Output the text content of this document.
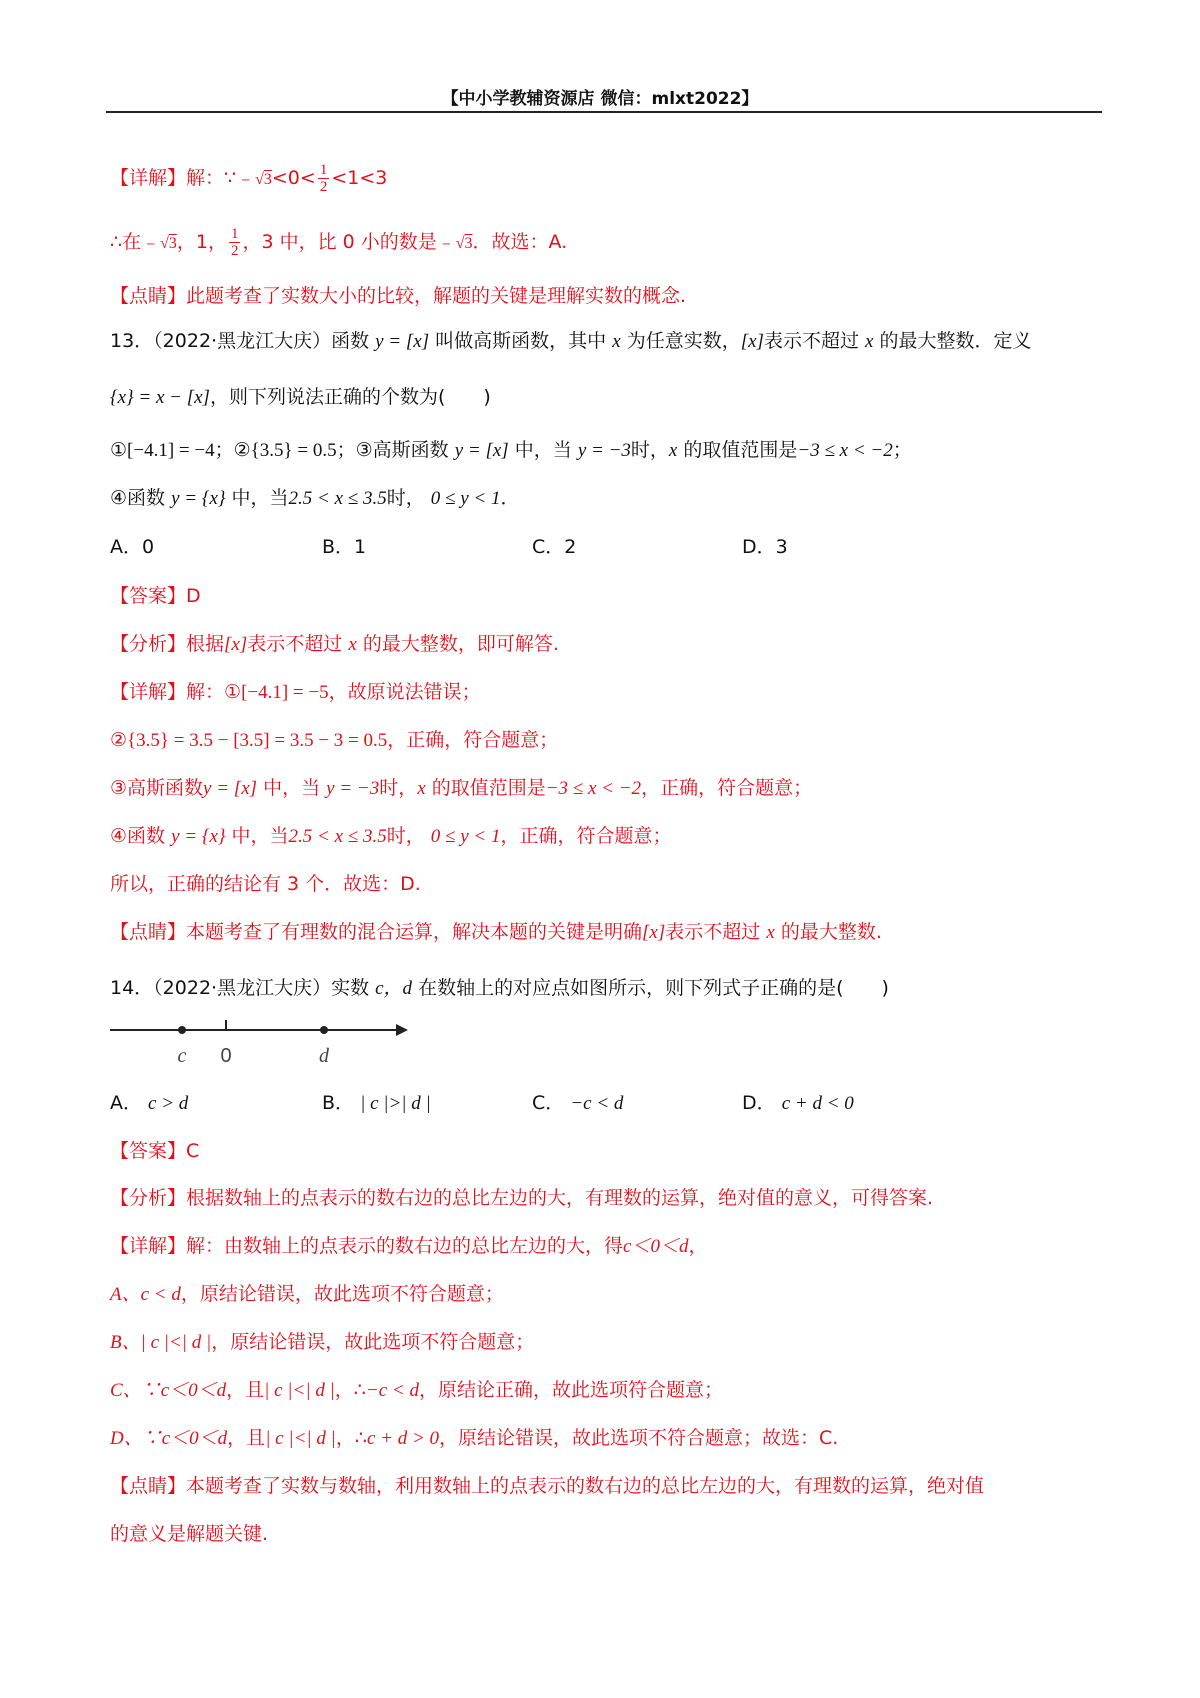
【中小学教辅资源店 微信：mlxt2022】
【详解】解：∵﹣√3<0< $\frac{1}{2} <1<3$
∴在﹣√3，1， $\frac{1}{2}$ ，3 中，比 0 小的数是﹣√3．故选：A.
【点睛】此题考查了实数大小的比较，解题的关键是理解实数的概念.
13．（2022·黑龙江大庆）函数 y = [x] 叫做高斯函数，其中 x 为任意实数，[x]表示不超过 x 的最大整数．定义
{x} = x − [x]，则下列说法正确的个数为(　　)
①[−4.1] = −4；②{3.5} = 0.5；③高斯函数 y = [x] 中，当 y = −3时，x 的取值范围是−3 ≤ x < −2；
④函数 y = {x} 中，当2.5 < x ≤ 3.5时， 0 ≤ y < 1．
A．0	B．1	C．2	D．3
【答案】D
【分析】根据[x]表示不超过 x 的最大整数，即可解答.
【详解】解：①[−4.1] = −5，故原说法错误；
②{3.5} = 3.5 − [3.5] = 3.5 − 3 = 0.5，正确，符合题意；
③高斯函数y = [x] 中，当 y = −3时，x 的取值范围是−3 ≤ x < −2，正确，符合题意；
④函数 y = {x} 中，当2.5 < x ≤ 3.5时， 0 ≤ y < 1，正确，符合题意；
所以，正确的结论有 3 个．故选：D.
【点睛】本题考查了有理数的混合运算，解决本题的关键是明确[x]表示不超过 x 的最大整数.
14．（2022·黑龙江大庆）实数 c，d 在数轴上的对应点如图所示，则下列式子正确的是(　　)
c 0	d
A． c > d	B． | c |>| d |	C． −c < d	D． c + d < 0
【答案】C
【分析】根据数轴上的点表示的数右边的总比左边的大，有理数的运算，绝对值的意义，可得答案.
【详解】解：由数轴上的点表示的数右边的总比左边的大，得c＜0＜d，
A、c < d，原结论错误，故此选项不符合题意；
B、| c |<| d |，原结论错误，故此选项不符合题意；
C、∵c＜0＜d，且| c |<| d |，∴−c < d，原结论正确，故此选项符合题意；
D、∵c＜0＜d，且| c |<| d |，∴c + d > 0，原结论错误，故此选项不符合题意；故选：C.
【点睛】本题考查了实数与数轴，利用数轴上的点表示的数右边的总比左边的大，有理数的运算，绝对值
的意义是解题关键.
